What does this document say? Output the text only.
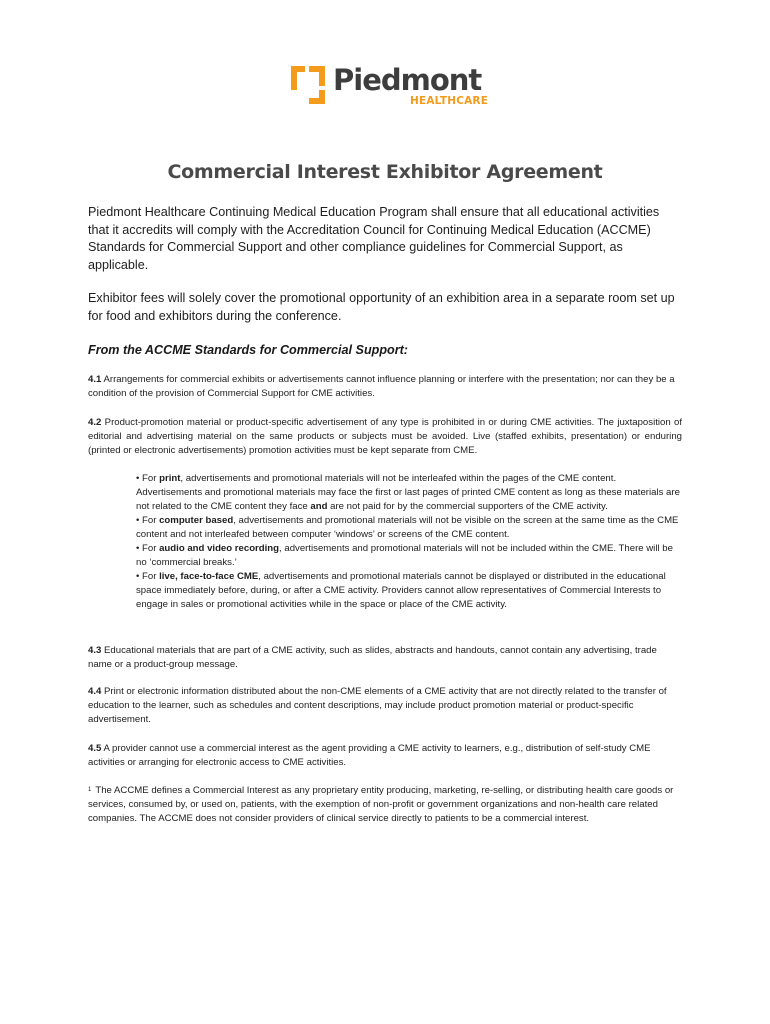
Piedmont
HEALTHCARE
Commercial Interest Exhibitor Agreement

Piedmont Healthcare Continuing Medical Education Program shall ensure that all educational activities that it accredits will comply with the Accreditation Council for Continuing Medical Education (ACCME) Standards for Commercial Support and other compliance guidelines for Commercial Support, as applicable.

Exhibitor fees will solely cover the promotional opportunity of an exhibition area in a separate room set up for food and exhibitors during the conference.

From the ACCME Standards for Commercial Support:

4.1 Arrangements for commercial exhibits or advertisements cannot influence planning or interfere with the presentation; nor can they be a condition of the provision of Commercial Support for CME activities.

4.2 Product-promotion material or product-specific advertisement of any type is prohibited in or during CME activities. The juxtaposition of editorial and advertising material on the same products or subjects must be avoided. Live (staffed exhibits, presentation) or enduring (printed or electronic advertisements) promotion activities must be kept separate from CME.

• For print, advertisements and promotional materials will not be interleafed within the pages of the CME content. Advertisements and promotional materials may face the first or last pages of printed CME content as long as these materials are not related to the CME content they face and are not paid for by the commercial supporters of the CME activity.
• For computer based, advertisements and promotional materials will not be visible on the screen at the same time as the CME content and not interleafed between computer ‘windows’ or screens of the CME content.
• For audio and video recording, advertisements and promotional materials will not be included within the CME. There will be no ‘commercial breaks.’
• For live, face-to-face CME, advertisements and promotional materials cannot be displayed or distributed in the educational space immediately before, during, or after a CME activity. Providers cannot allow representatives of Commercial Interests to engage in sales or promotional activities while in the space or place of the CME activity.

4.3 Educational materials that are part of a CME activity, such as slides, abstracts and handouts, cannot contain any advertising, trade name or a product-group message.

4.4 Print or electronic information distributed about the non-CME elements of a CME activity that are not directly related to the transfer of education to the learner, such as schedules and content descriptions, may include product promotion material or product-specific advertisement.

4.5 A provider cannot use a commercial interest as the agent providing a CME activity to learners, e.g., distribution of self-study CME activities or arranging for electronic access to CME activities.

$^1$ The ACCME defines a Commercial Interest as any proprietary entity producing, marketing, re-selling, or distributing health care goods or services, consumed by, or used on, patients, with the exemption of non-profit or government organizations and non-health care related companies. The ACCME does not consider providers of clinical service directly to patients to be a commercial interest.
